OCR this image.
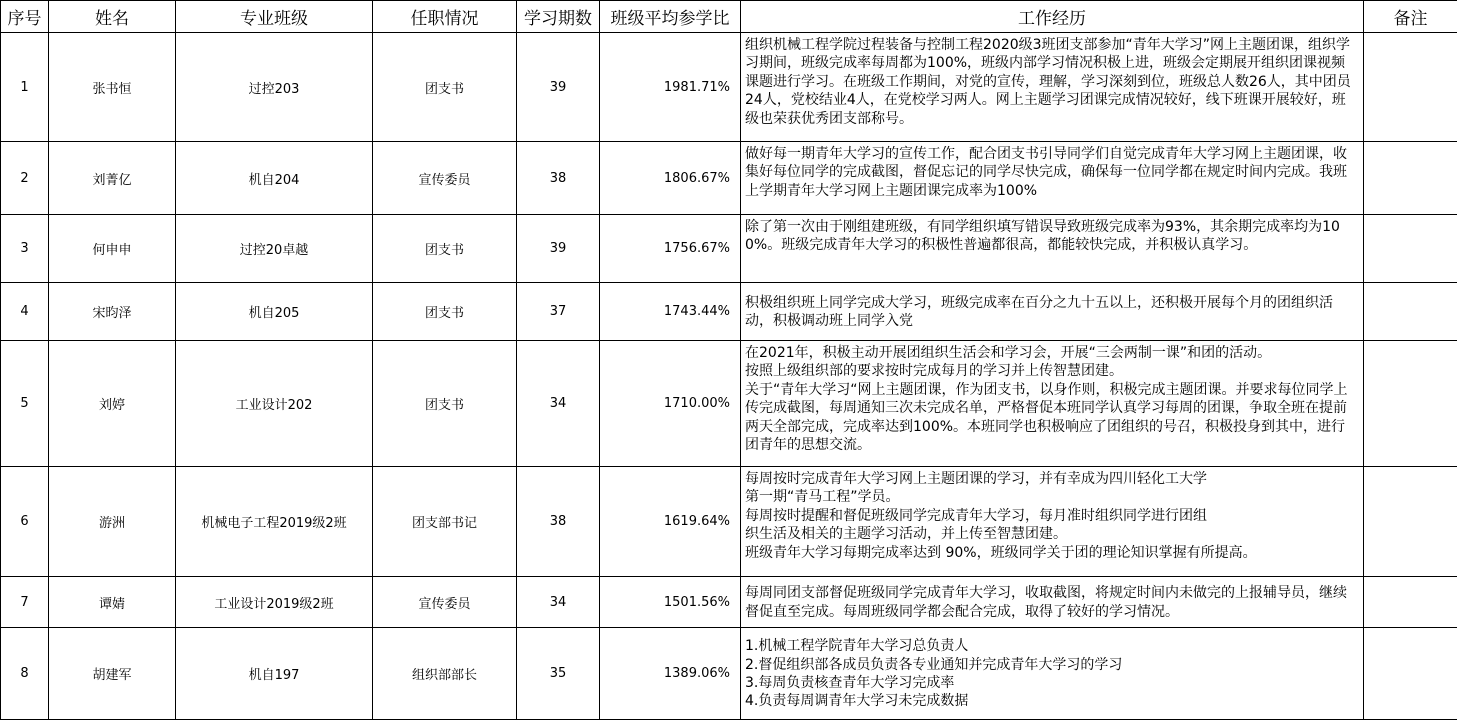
序号	姓名	专业班级	任职情况	学习期数	班级平均参学比	工作经历	备注
1	张书恒	过控203	团支书	39	1981.71%	组织机械工程学院过程装备与控制工程2020级3班团支部参加“青年大学习”网上主题团课，组织学习期间，班级完成率每周都为100%，班级内部学习情况积极上进，班级会定期展开组织团课视频课题进行学习。在班级工作期间，对党的宣传，理解，学习深刻到位，班级总人数26人，其中团员24人，党校结业4人，在党校学习两人。网上主题学习团课完成情况较好，线下班课开展较好，班级也荣获优秀团支部称号。	
2	刘菁亿	机自204	宣传委员	38	1806.67%	做好每一期青年大学习的宣传工作，配合团支书引导同学们自觉完成青年大学习网上主题团课，收集好每位同学的完成截图，督促忘记的同学尽快完成，确保每一位同学都在规定时间内完成。我班上学期青年大学习网上主题团课完成率为100%	
3	何申申	过控20卓越	团支书	39	1756.67%	除了第一次由于刚组建班级，有同学组织填写错误导致班级完成率为93%，其余期完成率均为100%。班级完成青年大学习的积极性普遍都很高，都能较快完成，并积极认真学习。	
4	宋昀泽	机自205	团支书	37	1743.44%	积极组织班上同学完成大学习，班级完成率在百分之九十五以上，还积极开展每个月的团组织活动，积极调动班上同学入党	
5	刘婷	工业设计202	团支书	34	1710.00%	在2021年，积极主动开展团组织生活会和学习会，开展“三会两制一课”和团的活动。
按照上级组织部的要求按时完成每月的学习并上传智慧团建。
关于“青年大学习“网上主题团课，作为团支书，以身作则，积极完成主题团课。并要求每位同学上传完成截图，每周通知三次未完成名单，严格督促本班同学认真学习每周的团课，争取全班在提前两天全部完成，完成率达到100%。本班同学也积极响应了团组织的号召，积极投身到其中，进行团青年的思想交流。	
6	游洲	机械电子工程2019级2班	团支部书记	38	1619.64%	每周按时完成青年大学习网上主题团课的学习，并有幸成为四川轻化工大学
第一期“青马工程”学员。
每周按时提醒和督促班级同学完成青年大学习，每月准时组织同学进行团组
织生活及相关的主题学习活动，并上传至智慧团建。
班级青年大学习每期完成率达到 90%，班级同学关于团的理论知识掌握有所提高。	
7	谭婧	工业设计2019级2班	宣传委员	34	1501.56%	每周同团支部督促班级同学完成青年大学习，收取截图，将规定时间内未做完的上报辅导员，继续督促直至完成。每周班级同学都会配合完成，取得了较好的学习情况。	
8	胡建军	机自197	组织部部长	35	1389.06%	1.机械工程学院青年大学习总负责人
2.督促组织部各成员负责各专业通知并完成青年大学习的学习
3.每周负责核查青年大学习完成率
4.负责每周调青年大学习未完成数据	
